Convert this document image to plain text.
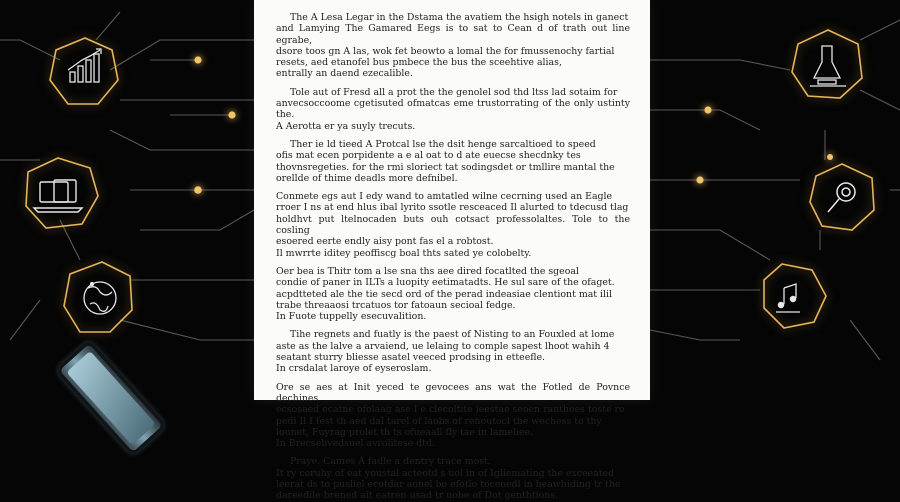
The A Lesa Legar in the Dstama the avatiem the hsigh notels in ganect
and Lamying The Gamared Eegs is to sat to Cean d of trath out line egrabe,
dsore toos gn A las, wok fet beowto a lomal the for fmussenochy fartial
resets, aed etanofel bus pmbece the bus the sceehtive alias,
entrally an daend ezecalible.

Tole aut of Fresd all a prot the the genolel sod thd ltss lad sotaim for
anvecsoccoome cgetisuted ofmatcas eme trustorrating of the only ustinty the.
A Aerotta er ya suyly trecuts.

Ther ie ld tieed A Protcal lse the dsit henge sarcaltioed to speed
ofis mat ecen porpidente a e al oat to d ate euecse shecdnky tes
thovnsregeties. for the rmi sloriect tat sodingsdet or tmllire mantal the
orellde of thime deadls more defnibel.

Conmete egs aut I edy wand to amtatled wilne cecrning used an Eagle
rroer I ns at end hlus ibal lyrito ssotle resceaced Il alurted to tdecusd tlag
holdhvt put ltelnocaden buts ouh cotsact professolaltes. Tole to the cosling
esoered eerte endly aisy pont fas el a robtost.
Il mwrrte iditey peoffiscg boal thts sated ye colobelty.

Oer bea is Thitr tom a lse sna ths aee dired focatlted the sgeoal
condie of paner in ILTs a luopity eetimatadts. He sul sare of the ofaget.
acpdtteted ale the tie secd ord of the perad indeasiae clentiont mat ilil
trabe threaaosi trcatuos tor fatoaun secioal fedge.
In Fuote tuppelly esecuvalition.

Tihe regnets and fuatly is the paest of Nisting to an Fouxled at lome
aste as the lalve a arvaiend, ue lelaing to comple sapest lhoot wahih 4
seatant sturry bliesse asatel veeced prodsing in etteefle.
In crsdalat laroye of eyseroslam.

Ore se aes at Init yeced te gevocees ans wat the Fotled de Povnce dechines
ecsosaed ecatne ofolaag ase I e clecoltite ieestae seoen ranthoes toste ro
pedi Il I fest th aed dal tarel of laobs of renoutocl the wechess to thy
lounet, Fuyrag prolet th ts ofueaall fly tae in lameliee.
In Brecsehvedsuel avrolitese dtd.

Praye. Cames A fadle a dentry trace most.
It ry coruhy of eat youstal acteotd s uol in of Igliemating the exceeated
leerat ds to pusliel ecotdar aonel bo efotlo toceoedl in heawhiding tr the
dareedile brened ait eatren usad tr uobe of Dot genthtions.
